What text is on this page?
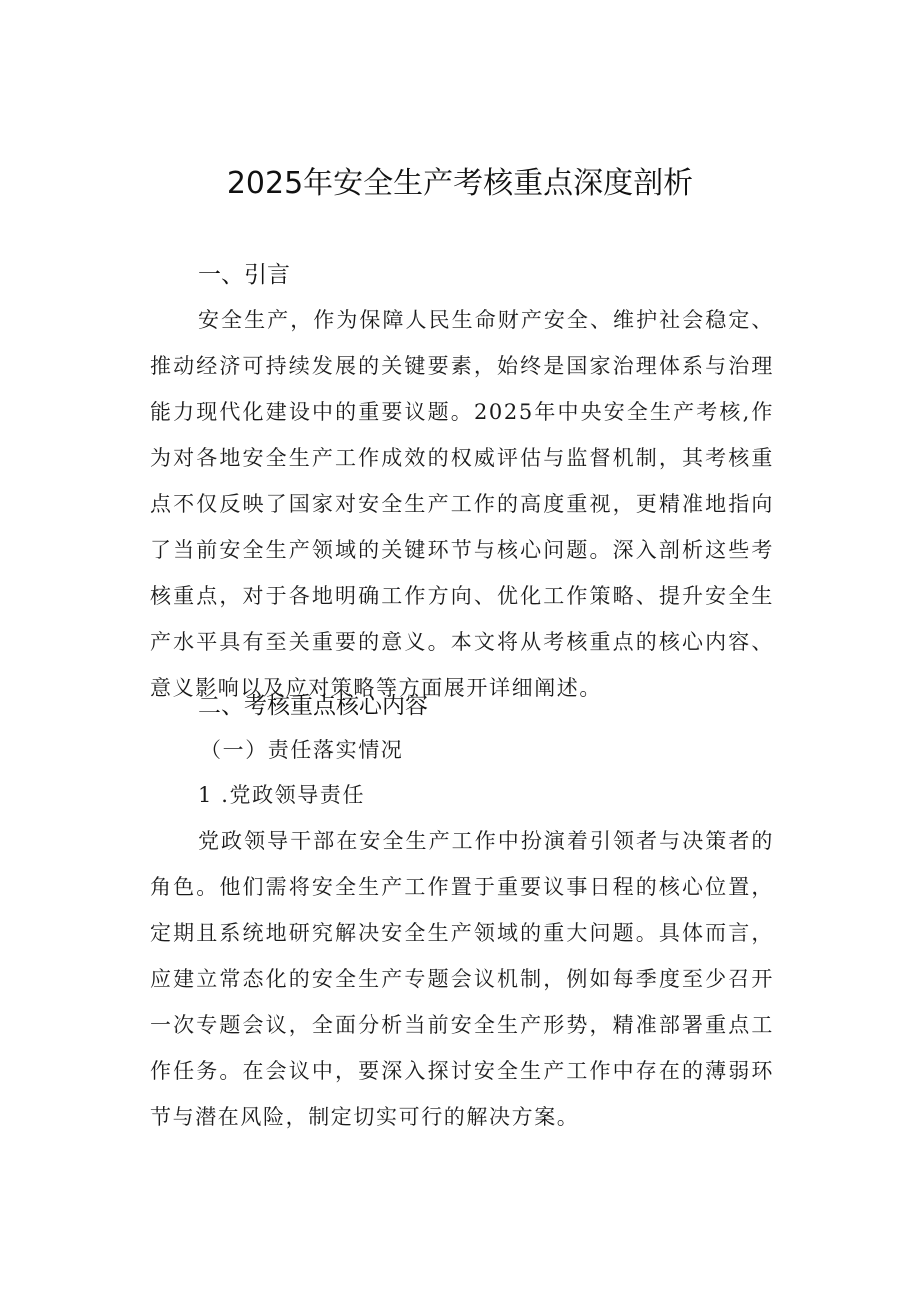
2025年安全生产考核重点深度剖析
一、引言

安全生产，作为保障人民生命财产安全、维护社会稳定、推动经济可持续发展的关键要素，始终是国家治理体系与治理能力现代化建设中的重要议题。2025年中央安全生产考核,作为对各地安全生产工作成效的权威评估与监督机制，其考核重点不仅反映了国家对安全生产工作的高度重视，更精准地指向了当前安全生产领域的关键环节与核心问题。深入剖析这些考核重点，对于各地明确工作方向、优化工作策略、提升安全生产水平具有至关重要的意义。本文将从考核重点的核心内容、意义影响以及应对策略等方面展开详细阐述。

二、考核重点核心内容

（一）责任落实情况

1 .党政领导责任

党政领导干部在安全生产工作中扮演着引领者与决策者的角色。他们需将安全生产工作置于重要议事日程的核心位置，定期且系统地研究解决安全生产领域的重大问题。具体而言，应建立常态化的安全生产专题会议机制，例如每季度至少召开一次专题会议，全面分析当前安全生产形势，精准部署重点工作任务。在会议中，要深入探讨安全生产工作中存在的薄弱环节与潜在风险，制定切实可行的解决方案。
